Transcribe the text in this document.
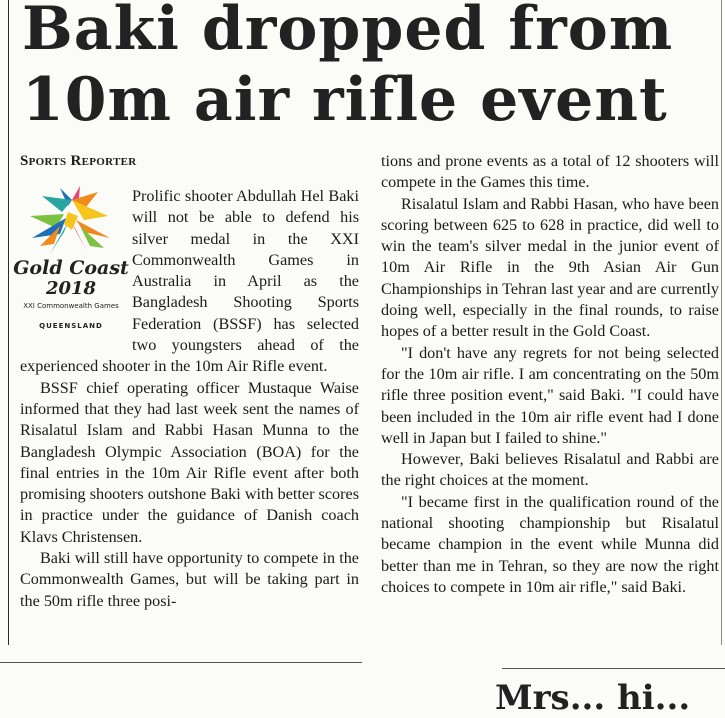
Baki dropped from 10m air rifle event
Sports Reporter
Gold Coast
2018
XXI Commonwealth Games
QUEENSLAND

Prolific shooter Abdullah Hel Baki will not be able to defend his silver medal in the XXI Commonwealth Games in Australia in April as the Bangladesh Shooting Sports Federation (BSSF) has selected two youngsters ahead of the experienced shooter in the 10m Air Rifle event.

BSSF chief operating officer Mustaque Waise informed that they had last week sent the names of Risalatul Islam and Rabbi Hasan Munna to the Bangladesh Olympic Association (BOA) for the final entries in the 10m Air Rifle event after both promising shooters outshone Baki with better scores in practice under the guidance of Danish coach Klavs Christensen.

Baki will still have opportunity to compete in the Commonwealth Games, but will be taking part in the 50m rifle three posi-

tions and prone events as a total of 12 shooters will compete in the Games this time.

Risalatul Islam and Rabbi Hasan, who have been scoring between 625 to 628 in practice, did well to win the team's silver medal in the junior event of 10m Air Rifle in the 9th Asian Air Gun Championships in Tehran last year and are currently doing well, especially in the final rounds, to raise hopes of a better result in the Gold Coast.

"I don't have any regrets for not being selected for the 10m air rifle. I am concentrating on the 50m rifle three position event," said Baki. "I could have been included in the 10m air rifle event had I done well in Japan but I failed to shine."

However, Baki believes Risalatul and Rabbi are the right choices at the moment.

"I became first in the qualification round of the national shooting championship but Risalatul became champion in the event while Munna did better than me in Tehran, so they are now the right choices to compete in 10m air rifle," said Baki.

Mrs... hi...
